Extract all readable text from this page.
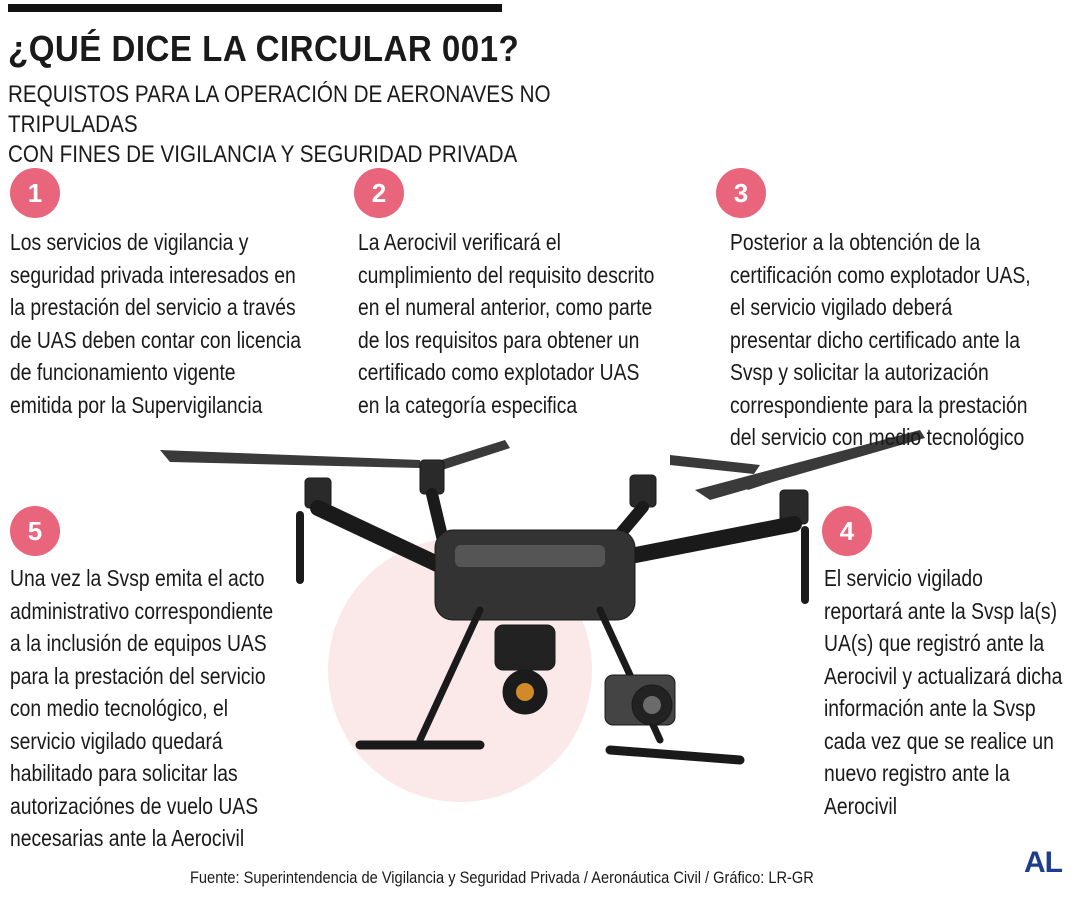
¿QUÉ DICE LA CIRCULAR 001?

REQUISTOS PARA LA OPERACIÓN DE AERONAVES NO TRIPULADAS
CON FINES DE VIGILANCIA Y SEGURIDAD PRIVADA

1

Los servicios de vigilancia y
seguridad privada interesados en
la prestación del servicio a través
de UAS deben contar con licencia
de funcionamiento vigente
emitida por la Supervigilancia

2

La Aerocivil verificará el
cumplimiento del requisito descrito
en el numeral anterior, como parte
de los requisitos para obtener un
certificado como explotador UAS
en la categoría especifica

3

Posterior a la obtención de la
certificación como explotador UAS,
el servicio vigilado deberá
presentar dicho certificado ante la
Svsp y solicitar la autorización
correspondiente para la prestación
del servicio con medio tecnológico

5

Una vez la Svsp emita el acto
administrativo correspondiente
a la inclusión de equipos UAS
para la prestación del servicio
con medio tecnológico, el
servicio vigilado quedará
habilitado para solicitar las
autorizaciónes de vuelo UAS
necesarias ante la Aerocivil

4

El servicio vigilado
reportará ante la Svsp la(s)
UA(s) que registró ante la
Aerocivil y actualizará dicha
información ante la Svsp
cada vez que se realice un
nuevo registro ante la
Aerocivil

Fuente: Superintendencia de Vigilancia y Seguridad Privada / Aeronáutica Civil / Gráfico: LR-GR	AL
